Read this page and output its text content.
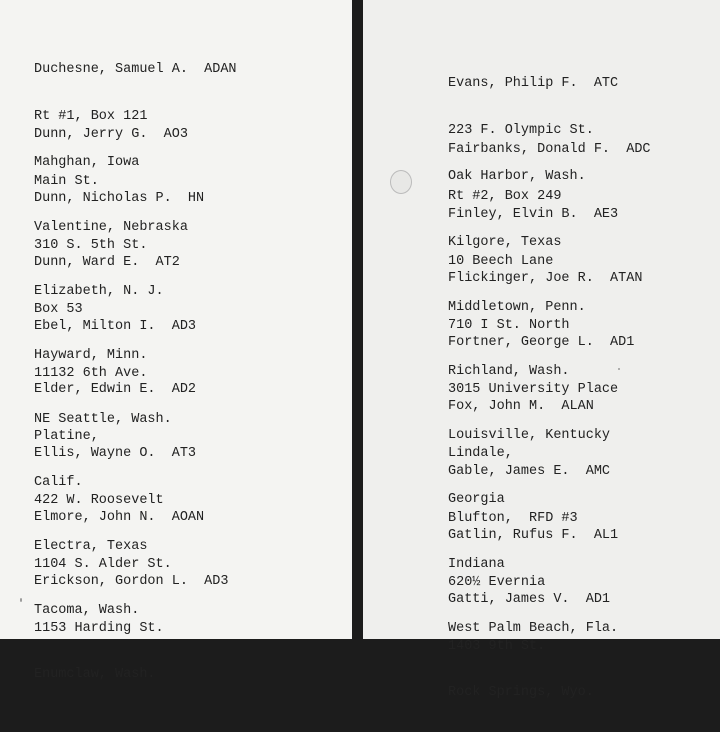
Duchesne, Samuel A.  ADAN

Rt #1, Box 121

Mahghan, Iowa

Dunn, Jerry G.  AO3

Main St.

Valentine, Nebraska

Dunn, Nicholas P.  HN

310 S. 5th St.

Elizabeth, N. J.

Dunn, Ward E.  AT2

Box 53

Hayward, Minn.

Ebel, Milton I.  AD3

11132 6th Ave.

NE Seattle, Wash.

Elder, Edwin E.  AD2

Platine,

Calif.

Ellis, Wayne O.  AT3

422 W. Roosevelt

Electra, Texas

Elmore, John N.  AOAN

1104 S. Alder St.

Tacoma, Wash.

Erickson, Gordon L.  AD3

1153 Harding St.

Enumclaw, Wash.

Evans, Philip F.  ATC

223 F. Olympic St.

Oak Harbor, Wash.

Fairbanks, Donald F.  ADC

Rt #2, Box 249

Kilgore, Texas

Finley, Elvin B.  AE3

10 Beech Lane

Middletown, Penn.

Flickinger, Joe R.  ATAN

710 I St. North

Richland, Wash.

Fortner, George L.  AD1

3015 University Place

Louisville, Kentucky

Fox, John M.  ALAN

Lindale,

Georgia

Gable, James E.  AMC

Blufton,  RFD #3

Indiana

Gatlin, Rufus F.  AL1

620½ Evernia

West Palm Beach, Fla.

Gatti, James V.  AD1

1403 9th St.

Rock Springs, Wyo.
